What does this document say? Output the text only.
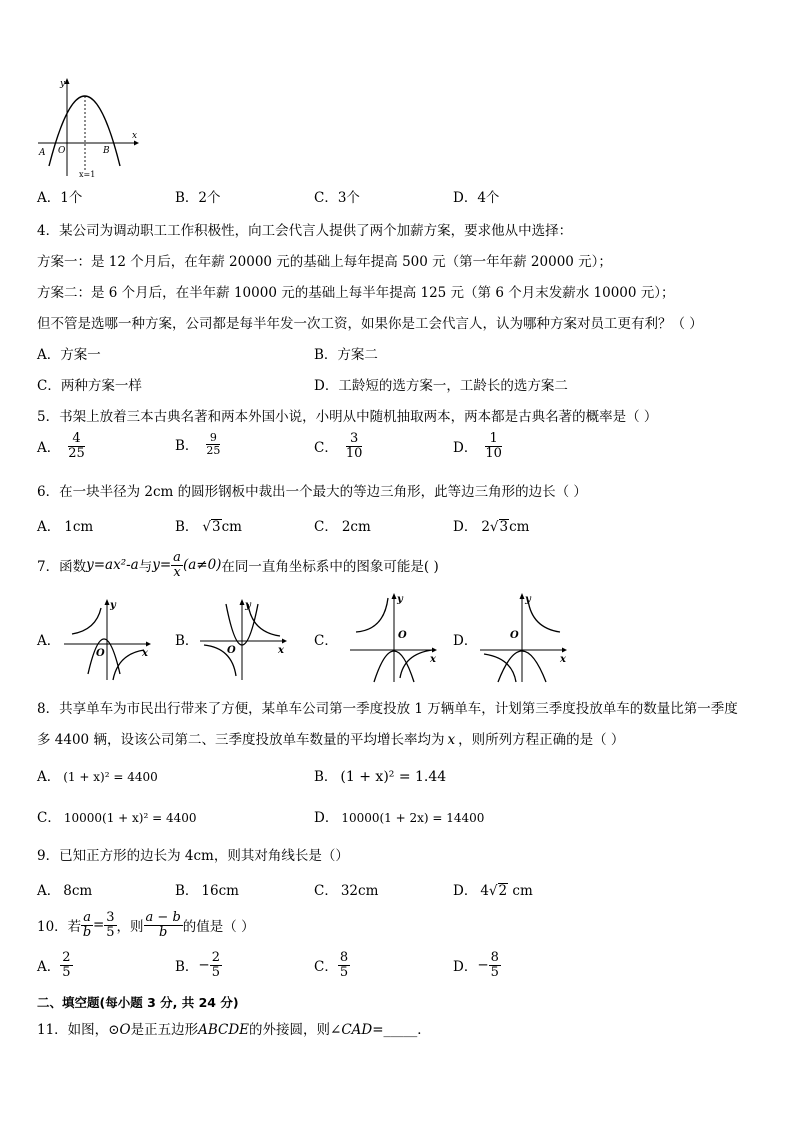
y
x
A O	B
x=1
A．1个	B．2个	C．3个	D．4个
4．某公司为调动职工工作积极性，向工会代言人提供了两个加薪方案，要求他从中选择：
方案一：是 12 个月后，在年薪 20000 元的基础上每年提高 500 元（第一年年薪 20000 元）；
方案二：是 6 个月后，在半年薪 10000 元的基础上每半年提高 125 元（第 6 个月末发薪水 10000 元）；
但不管是选哪一种方案，公司都是每半年发一次工资，如果你是工会代言人，认为哪种方案对员工更有利？（ ）
A．方案一	B．方案二
C．两种方案一样	D．工龄短的选方案一，工龄长的选方案二
5．书架上放着三本古典名著和两本外国小说，小明从中随机抽取两本，两本都是古典名著的概率是（ ）
A． $\frac{4}{25}$	B． $\frac{9}{25}$	C． $\frac{3}{10}$	D． $\frac{1}{10}$
6．在一块半径为 2cm 的圆形钢板中裁出一个最大的等边三角形，此等边三角形的边长（ ）
A． 1cm	B． √3cm	C． 2cm	D． 2√3cm
7．函数y=ax²-a与$y= \frac{a}{x} (a\ne 0)$在同一直角坐标系中的图象可能是( )
A．	B．	C．	D．
y
x
O
y
x
O
y
x
O
y
x
O
8．共享单车为市民出行带来了方便，某单车公司第一季度投放 1 万辆单车，计划第三季度投放单车的数量比第一季度
多 4400 辆，设该公司第二、三季度投放单车数量的平均增长率均为 x ，则所列方程正确的是（ ）
A． (1 + x)² = 4400	B． (1 + x)² = 1.44
C． 10000(1 + x)² = 4400	D． 10000(1 + 2x) = 14400
9．已知正方形的边长为 4cm，则其对角线长是（）
A． 8cm	B． 16cm	C． 32cm	D． 4√2 cm
10．若 $\frac{a}{b} = \frac{3}{5}$ ，则 $\frac{a - b}{b}$ 的值是（ ）
A． $\frac{2}{5}$	B．− $\frac{2}{5}$	C． $\frac{8}{5}$	D．− $\frac{8}{5}$
二、填空题(每小题 3 分, 共 24 分)
11．如图，⊙O是正五边形ABCDE的外接圆，则∠CAD=_____．
